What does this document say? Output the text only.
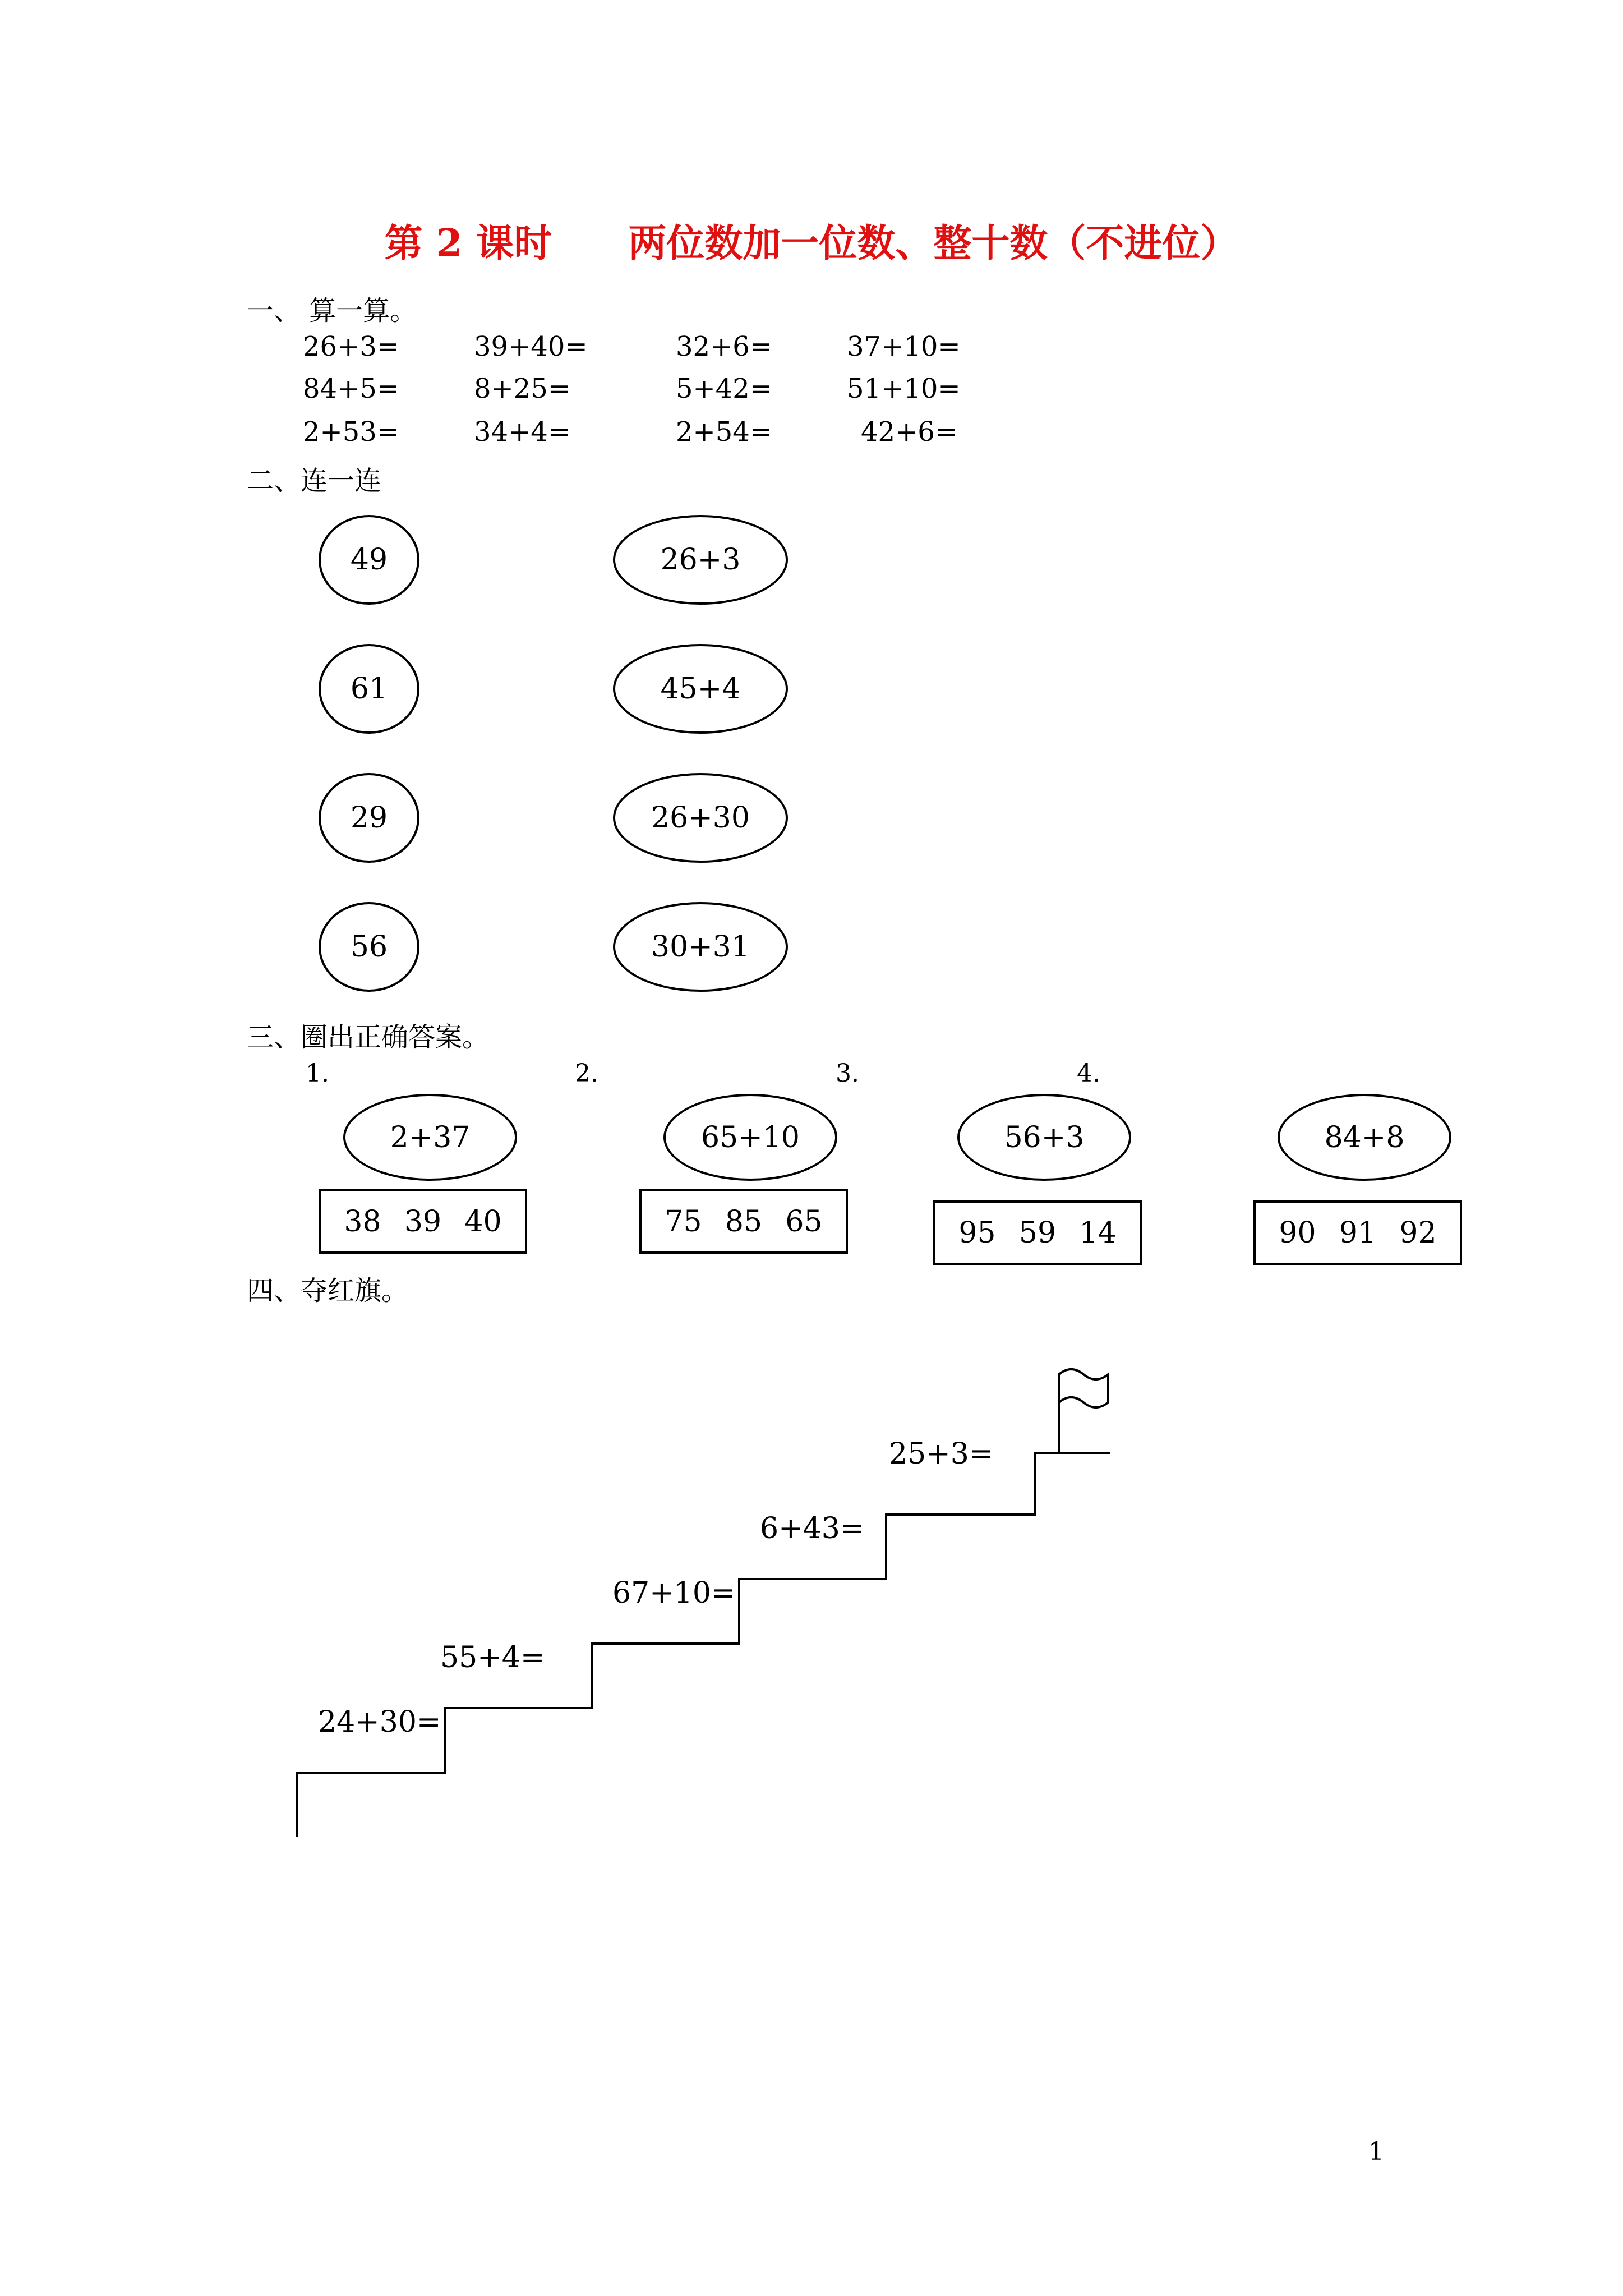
第 2 课时　　两位数加一位数、整十数（不进位）
一、 算一算。
26+3=	39+40=	32+6=	37+10=
84+5=	8+25=	5+42=	51+10=
2+53=	34+4=	2+54=	42+6=
二、连一连
49
61
29
56
26+3
45+4
26+30
30+31
三、圈出正确答案。
1.	2.	3.	4.
2+37	65+10	56+3	84+8
38 39 40	75 85 65	95 59 14	90 91 92
四、夺红旗。
24+30=
55+4=
67+10=
6+43=
25+3=
1
